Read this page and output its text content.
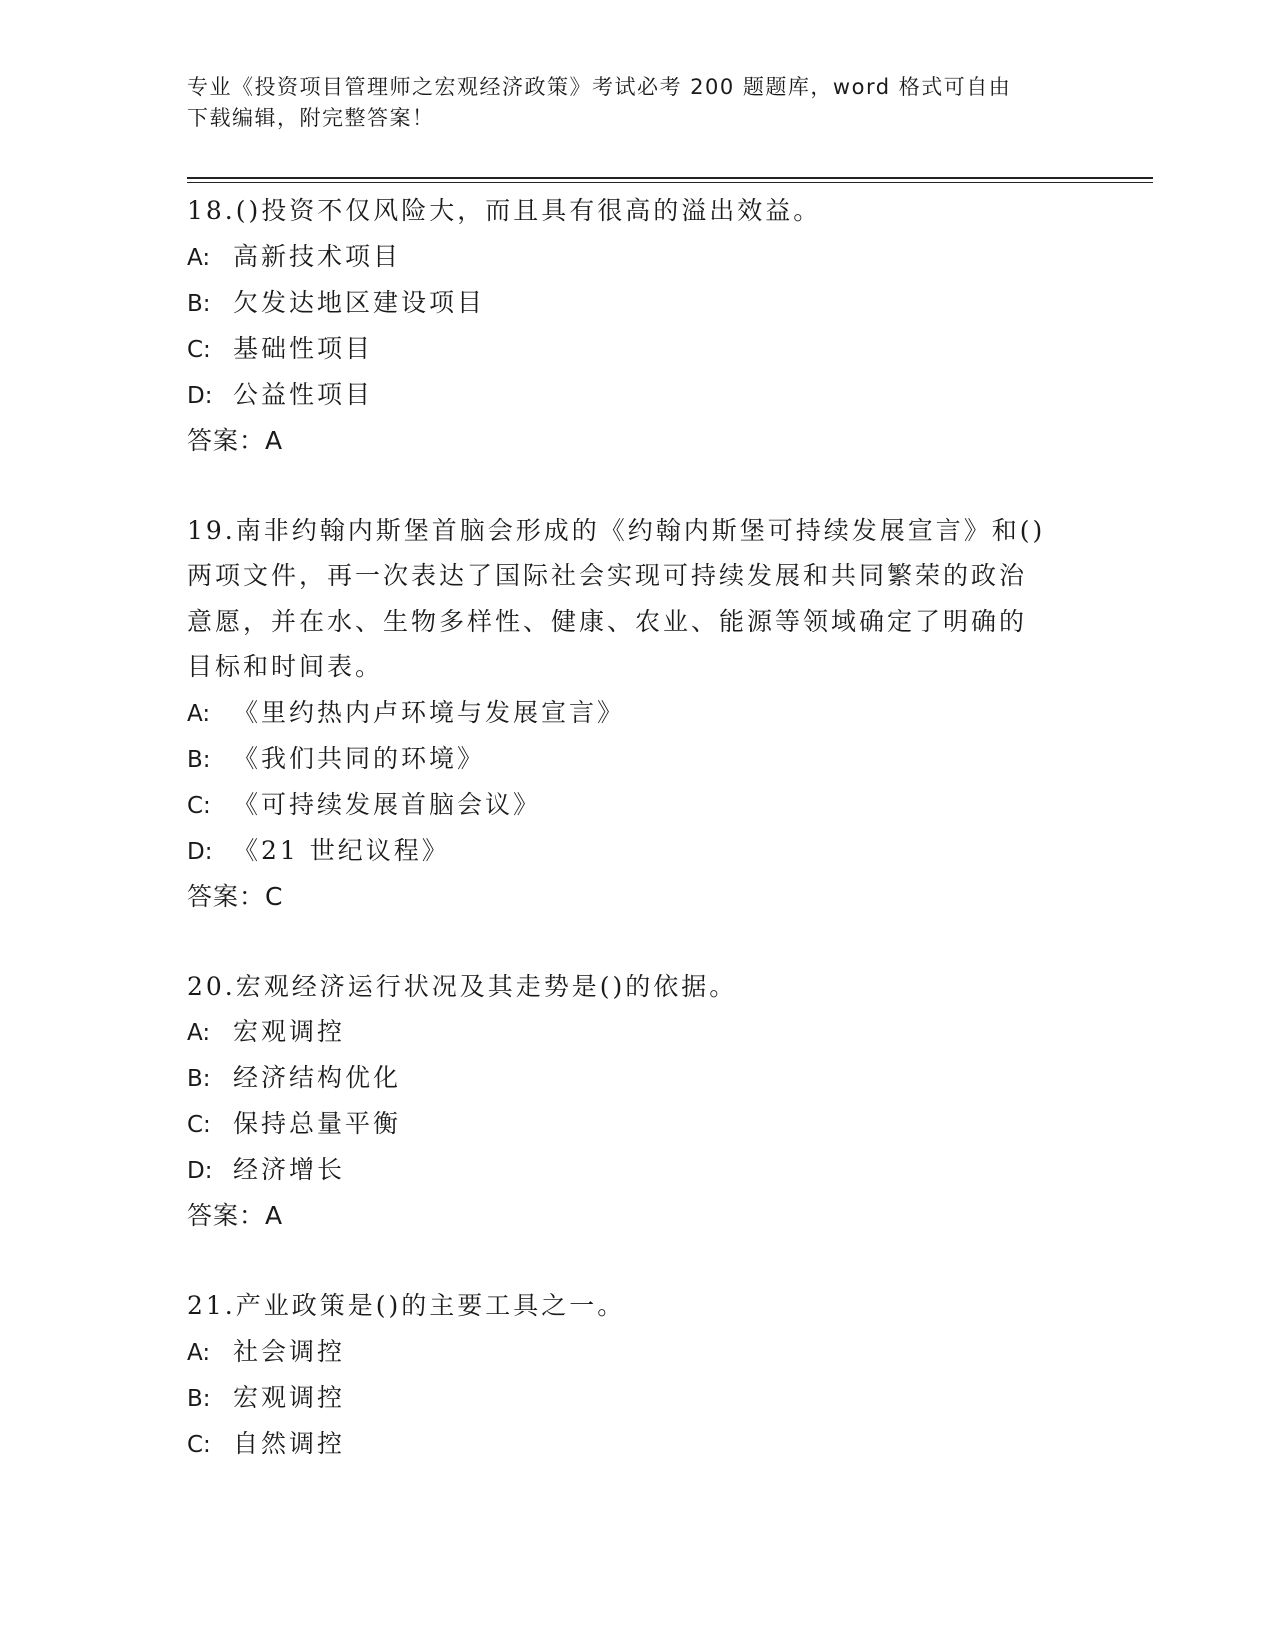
专业《投资项目管理师之宏观经济政策》考试必考 200 题题库，word 格式可自由
下载编辑，附完整答案！
18.()投资不仅风险大，而且具有很高的溢出效益。
A: 高新技术项目
B: 欠发达地区建设项目
C: 基础性项目
D: 公益性项目
答案：A
19.南非约翰内斯堡首脑会形成的《约翰内斯堡可持续发展宣言》和()
两项文件，再一次表达了国际社会实现可持续发展和共同繁荣的政治
意愿，并在水、生物多样性、健康、农业、能源等领域确定了明确的
目标和时间表。
A: 《里约热内卢环境与发展宣言》
B: 《我们共同的环境》
C: 《可持续发展首脑会议》
D: 《21 世纪议程》
答案：C
20.宏观经济运行状况及其走势是()的依据。
A: 宏观调控
B: 经济结构优化
C: 保持总量平衡
D: 经济增长
答案：A
21.产业政策是()的主要工具之一。
A: 社会调控
B: 宏观调控
C: 自然调控
